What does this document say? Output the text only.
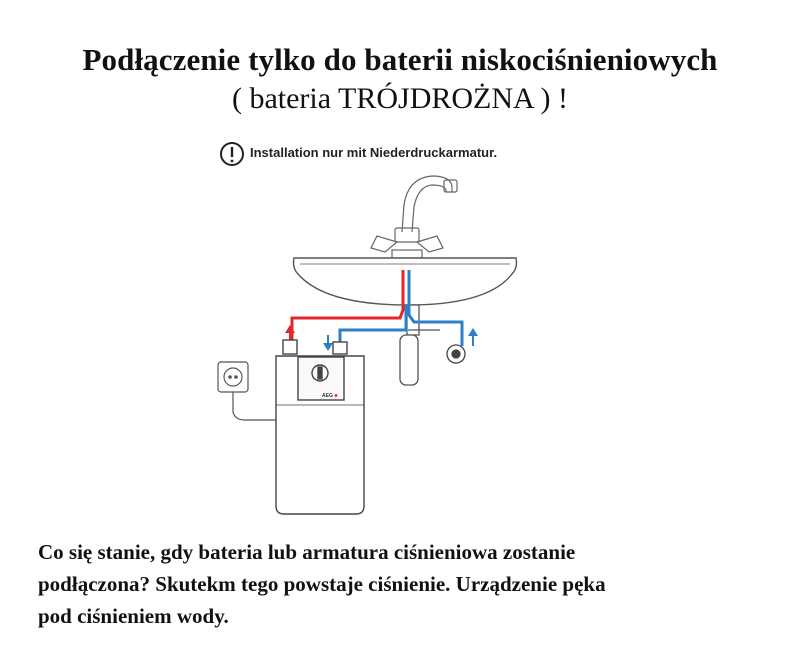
Podłączenie tylko do baterii niskociśnieniowych
( bateria TRÓJDROŻNA ) !
AEG
Installation nur mit Niederdruckarmatur.
Co się stanie, gdy bateria lub armatura ciśnieniowa zostanie
podłączona? Skutekm tego powstaje ciśnienie. Urządzenie pęka
pod ciśnieniem wody.
